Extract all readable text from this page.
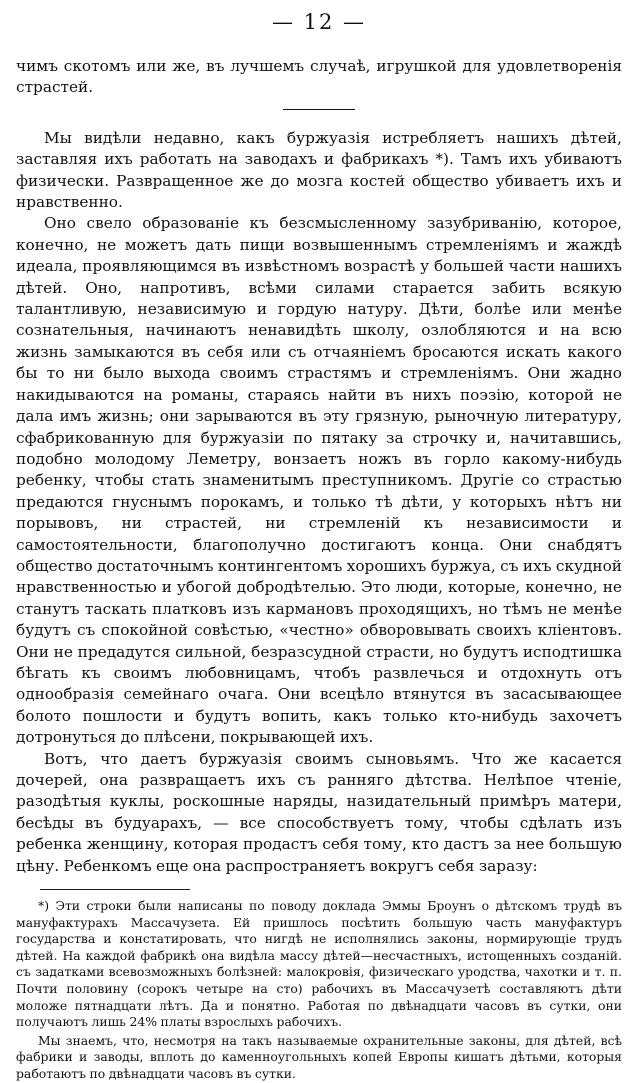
— 12 —

чимъ скотомъ или же, въ лучшемъ случаѣ, игрушкой для удовлетворенія страстей.

Мы видѣли недавно, какъ буржуазія истребляетъ нашихъ дѣтей, заставляя ихъ работать на заводахъ и фабрикахъ *). Тамъ ихъ убиваютъ физически. Развращенное же до мозга костей общество убиваетъ ихъ и нравственно.

Оно свело образованіе къ безсмысленному зазубриванію, которое, конечно, не можетъ дать пищи возвышеннымъ стремленіямъ и жаждѣ идеала, проявляющимся въ извѣстномъ возрастѣ у большей части нашихъ дѣтей. Оно, напротивъ, всѣми силами старается забить всякую талантливую, независимую и гордую натуру. Дѣти, болѣе или менѣе сознательныя, начинаютъ ненавидѣть школу, озлобляются и на всю жизнь замыкаются въ себя или съ отчаяніемъ бросаются искать какого бы то ни было выхода своимъ страстямъ и стремленіямъ. Они жадно накидываются на романы, стараясь найти въ нихъ поэзію, которой не дала имъ жизнь; они зарываются въ эту грязную, рыночную литературу, сфабрикованную для буржуазіи по пятаку за строчку и, начитавшись, подобно молодому Леметру, вонзаетъ ножъ въ горло какому-нибудь ребенку, чтобы стать знаменитымъ преступникомъ. Другіе со страстью предаются гнуснымъ порокамъ, и только тѣ дѣти, у которыхъ нѣтъ ни порывовъ, ни страстей, ни стремленій къ независимости и самостоятельности, благополучно достигаютъ конца. Они снабдятъ общество достаточнымъ контингентомъ хорошихъ буржуа, съ ихъ скудной нравственностью и убогой добродѣтелью. Это люди, которые, конечно, не станутъ таскать платковъ изъ кармановъ проходящихъ, но тѣмъ не менѣе будутъ съ спокойной совѣстью, «честно» обворовывать своихъ кліентовъ. Они не предадутся сильной, безразсудной страсти, но будутъ исподтишка бѣгать къ своимъ любовницамъ, чтобъ развлечься и отдохнуть отъ однообразія семейнаго очага. Они всецѣло втянутся въ засасывающее болото пошлости и будутъ вопить, какъ только кто-нибудь захочетъ дотронуться до плѣсени, покрывающей ихъ.

Вотъ, что даетъ буржуазія своимъ сыновьямъ. Что же касается дочерей, она развращаетъ ихъ съ ранняго дѣтства. Нелѣпое чтеніе, разодѣтыя куклы, роскошные наряды, назидательный примѣръ матери, бесѣды въ будуарахъ, — все способствуетъ тому, чтобы сдѣлать изъ ребенка женщину, которая продастъ себя тому, кто дастъ за нее большую цѣну. Ребенкомъ еще она распространяетъ вокругъ себя заразу:

*) Эти строки были написаны по поводу доклада Эммы Броунъ о дѣтскомъ трудѣ въ мануфактурахъ Массачузета. Ей пришлось посѣтить большую часть мануфактуръ государства и констатировать, что нигдѣ не исполнялись законы, нормирующіе трудъ дѣтей. На каждой фабрикѣ она видѣла массу дѣтей—несчастныхъ, истощенныхъ созданій. съ задатками всевозможныхъ болѣзней: малокровія, физическаго уродства, чахотки и т. п. Почти половину (сорокъ четыре на сто) рабочихъ въ Массачузетѣ составляютъ дѣти моложе пятнадцати лѣтъ. Да и понятно. Работая по двѣнадцати часовъ въ сутки, они получаютъ лишь 24% платы взрослыхъ рабочихъ.

Мы знаемъ, что, несмотря на такъ называемые охранительные законы, для дѣтей, всѣ фабрики и заводы, вплоть до каменноугольныхъ копей Европы кишатъ дѣтьми, которыя работаютъ по двѣнадцати часовъ въ сутки.
